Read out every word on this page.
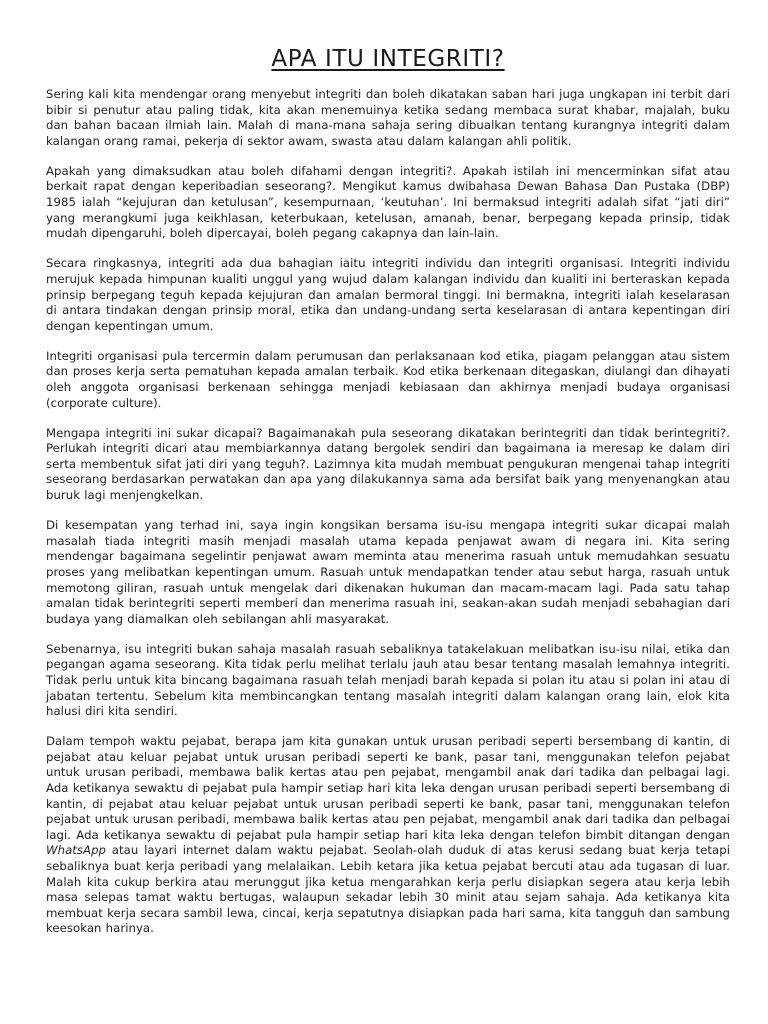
APA ITU INTEGRITI?

Sering kali kita mendengar orang menyebut integriti dan boleh dikatakan saban hari juga ungkapan ini terbit dari bibir si penutur atau paling tidak, kita akan menemuinya ketika sedang membaca surat khabar, majalah, buku dan bahan bacaan ilmiah lain. Malah di mana-mana sahaja sering dibualkan tentang kurangnya integriti dalam kalangan orang ramai, pekerja di sektor awam, swasta atau dalam kalangan ahli politik.

Apakah yang dimaksudkan atau boleh difahami dengan integriti?. Apakah istilah ini mencerminkan sifat atau berkait rapat dengan keperibadian seseorang?. Mengikut kamus dwibahasa Dewan Bahasa Dan Pustaka (DBP) 1985 ialah “kejujuran dan ketulusan”, kesempurnaan, ‘keutuhan’. Ini bermaksud integriti adalah sifat “jati diri” yang merangkumi juga keikhlasan, keterbukaan, ketelusan, amanah, benar, berpegang kepada prinsip, tidak mudah dipengaruhi, boleh dipercayai, boleh pegang cakapnya dan lain-lain.

Secara ringkasnya, integriti ada dua bahagian iaitu integriti individu dan integriti organisasi. Integriti individu merujuk kepada himpunan kualiti unggul yang wujud dalam kalangan individu dan kualiti ini berteraskan kepada prinsip berpegang teguh kepada kejujuran dan amalan bermoral tinggi. Ini bermakna, integriti ialah keselarasan di antara tindakan dengan prinsip moral, etika dan undang-undang serta keselarasan di antara kepentingan diri dengan kepentingan umum.

Integriti organisasi pula tercermin dalam perumusan dan perlaksanaan kod etika, piagam pelanggan atau sistem dan proses kerja serta pematuhan kepada amalan terbaik. Kod etika berkenaan ditegaskan, diulangi dan dihayati oleh anggota organisasi berkenaan sehingga menjadi kebiasaan dan akhirnya menjadi budaya organisasi (corporate culture).

Mengapa integriti ini sukar dicapai? Bagaimanakah pula seseorang dikatakan berintegriti dan tidak berintegriti?. Perlukah integriti dicari atau membiarkannya datang bergolek sendiri dan bagaimana ia meresap ke dalam diri serta membentuk sifat jati diri yang teguh?. Lazimnya kita mudah membuat pengukuran mengenai tahap integriti seseorang berdasarkan perwatakan dan apa yang dilakukannya sama ada bersifat baik yang menyenangkan atau buruk lagi menjengkelkan.

Di kesempatan yang terhad ini, saya ingin kongsikan bersama isu-isu mengapa integriti sukar dicapai malah masalah tiada integriti masih menjadi masalah utama kepada penjawat awam di negara ini. Kita sering mendengar bagaimana segelintir penjawat awam meminta atau menerima rasuah untuk memudahkan sesuatu proses yang melibatkan kepentingan umum. Rasuah untuk mendapatkan tender atau sebut harga, rasuah untuk memotong giliran, rasuah untuk mengelak dari dikenakan hukuman dan macam-macam lagi. Pada satu tahap amalan tidak berintegriti seperti memberi dan menerima rasuah ini, seakan-akan sudah menjadi sebahagian dari budaya yang diamalkan oleh sebilangan ahli masyarakat.

Sebenarnya, isu integriti bukan sahaja masalah rasuah sebaliknya tatakelakuan melibatkan isu-isu nilai, etika dan pegangan agama seseorang. Kita tidak perlu melihat terlalu jauh atau besar tentang masalah lemahnya integriti. Tidak perlu untuk kita bincang bagaimana rasuah telah menjadi barah kepada si polan itu atau si polan ini atau di jabatan tertentu. Sebelum kita membincangkan tentang masalah integriti dalam kalangan orang lain, elok kita halusi diri kita sendiri.

Dalam tempoh waktu pejabat, berapa jam kita gunakan untuk urusan peribadi seperti bersembang di kantin, di pejabat atau keluar pejabat untuk urusan peribadi seperti ke bank, pasar tani, menggunakan telefon pejabat untuk urusan peribadi, membawa balik kertas atau pen pejabat, mengambil anak dari tadika dan pelbagai lagi. Ada ketikanya sewaktu di pejabat pula hampir setiap hari kita leka dengan urusan peribadi seperti bersembang di kantin, di pejabat atau keluar pejabat untuk urusan peribadi seperti ke bank, pasar tani, menggunakan telefon pejabat untuk urusan peribadi, membawa balik kertas atau pen pejabat, mengambil anak dari tadika dan pelbagai lagi. Ada ketikanya sewaktu di pejabat pula hampir setiap hari kita leka dengan telefon bimbit ditangan dengan WhatsApp atau layari internet dalam waktu pejabat. Seolah-olah duduk di atas kerusi sedang buat kerja tetapi sebaliknya buat kerja peribadi yang melalaikan. Lebih ketara jika ketua pejabat bercuti atau ada tugasan di luar. Malah kita cukup berkira atau merunggut jika ketua mengarahkan kerja perlu disiapkan segera atau kerja lebih masa selepas tamat waktu bertugas, walaupun sekadar lebih 30 minit atau sejam sahaja. Ada ketikanya kita membuat kerja secara sambil lewa, cincai, kerja sepatutnya disiapkan pada hari sama, kita tangguh dan sambung keesokan harinya.
